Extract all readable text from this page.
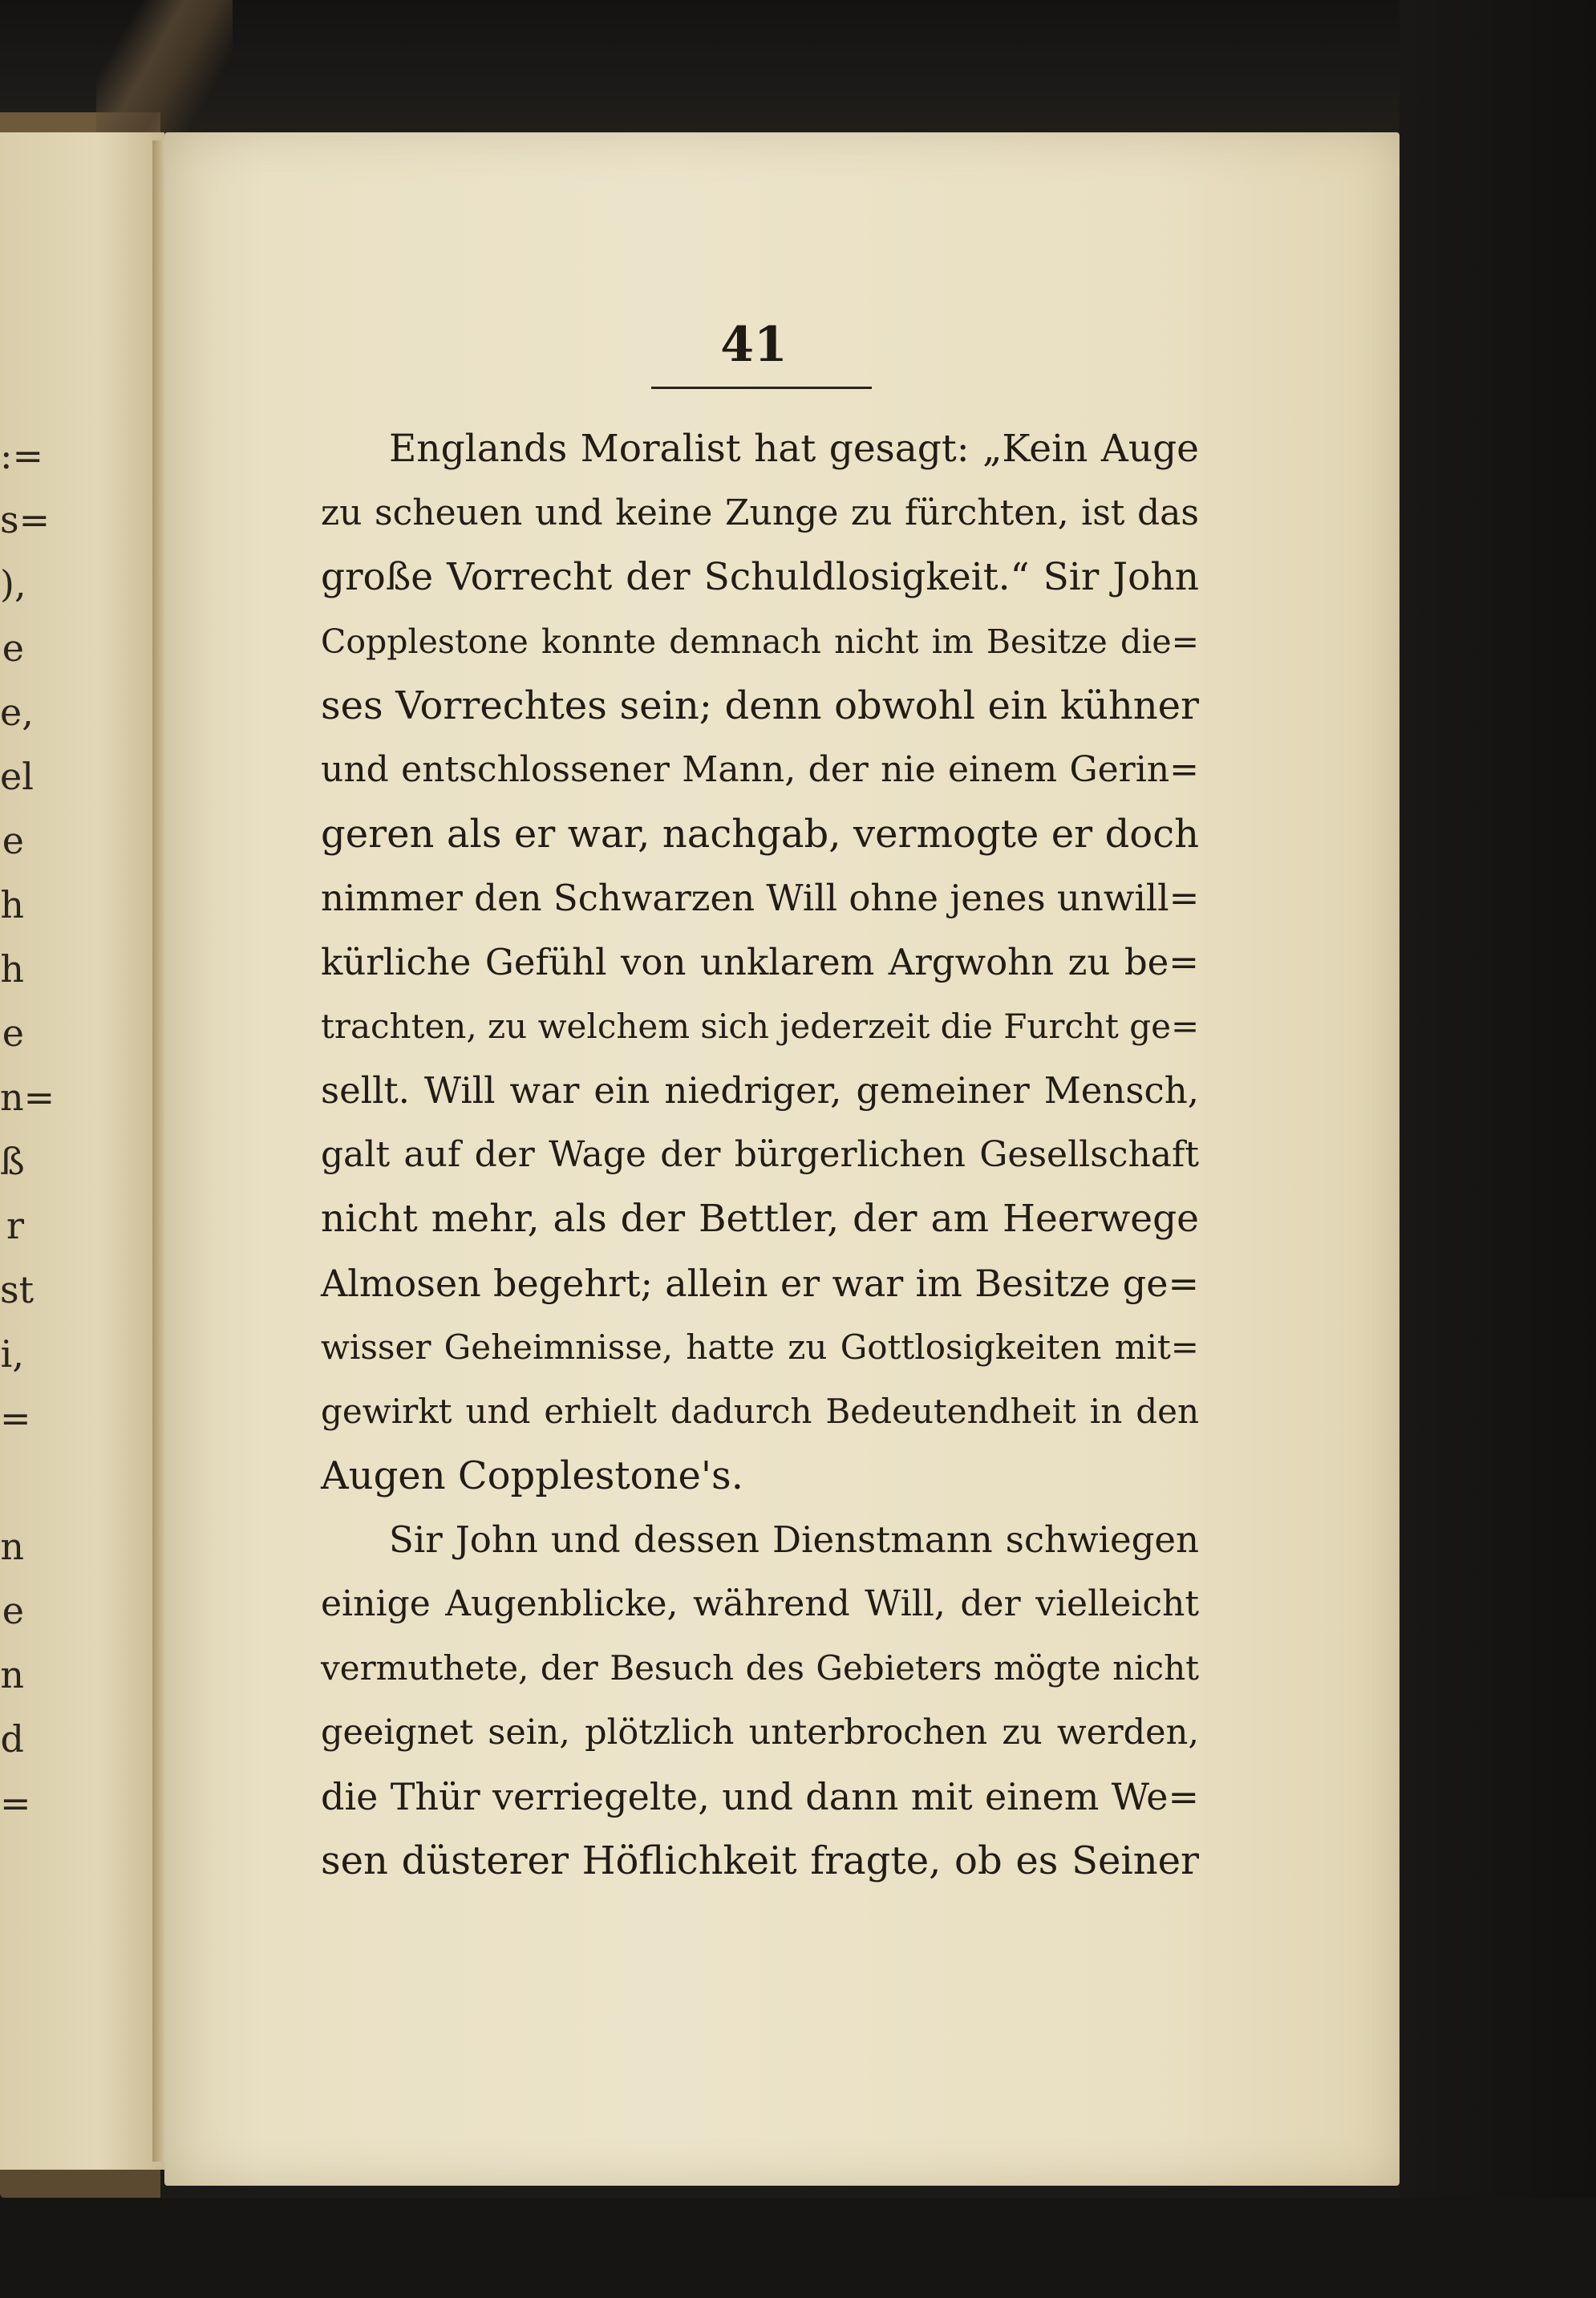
:=
s=
),
e
e,
el
e
h
h
e
n=
ß
r
st
i,
=
n
e
n
d
=
41
Englands Moralist hat gesagt: „Kein Auge
zu scheuen und keine Zunge zu fürchten, ist das
große Vorrecht der Schuldlosigkeit.“ Sir John
Copplestone konnte demnach nicht im Besitze die=
ses Vorrechtes sein; denn obwohl ein kühner
und entschlossener Mann, der nie einem Gerin=
geren als er war, nachgab, vermogte er doch
nimmer den Schwarzen Will ohne jenes unwill=
kürliche Gefühl von unklarem Argwohn zu be=
trachten, zu welchem sich jederzeit die Furcht ge=
sellt. Will war ein niedriger, gemeiner Mensch,
galt auf der Wage der bürgerlichen Gesellschaft
nicht mehr, als der Bettler, der am Heerwege
Almosen begehrt; allein er war im Besitze ge=
wisser Geheimnisse, hatte zu Gottlosigkeiten mit=
gewirkt und erhielt dadurch Bedeutendheit in den
Augen Copplestone's.
Sir John und dessen Dienstmann schwiegen
einige Augenblicke, während Will, der vielleicht
vermuthete, der Besuch des Gebieters mögte nicht
geeignet sein, plötzlich unterbrochen zu werden,
die Thür verriegelte, und dann mit einem We=
sen düsterer Höflichkeit fragte, ob es Seiner
